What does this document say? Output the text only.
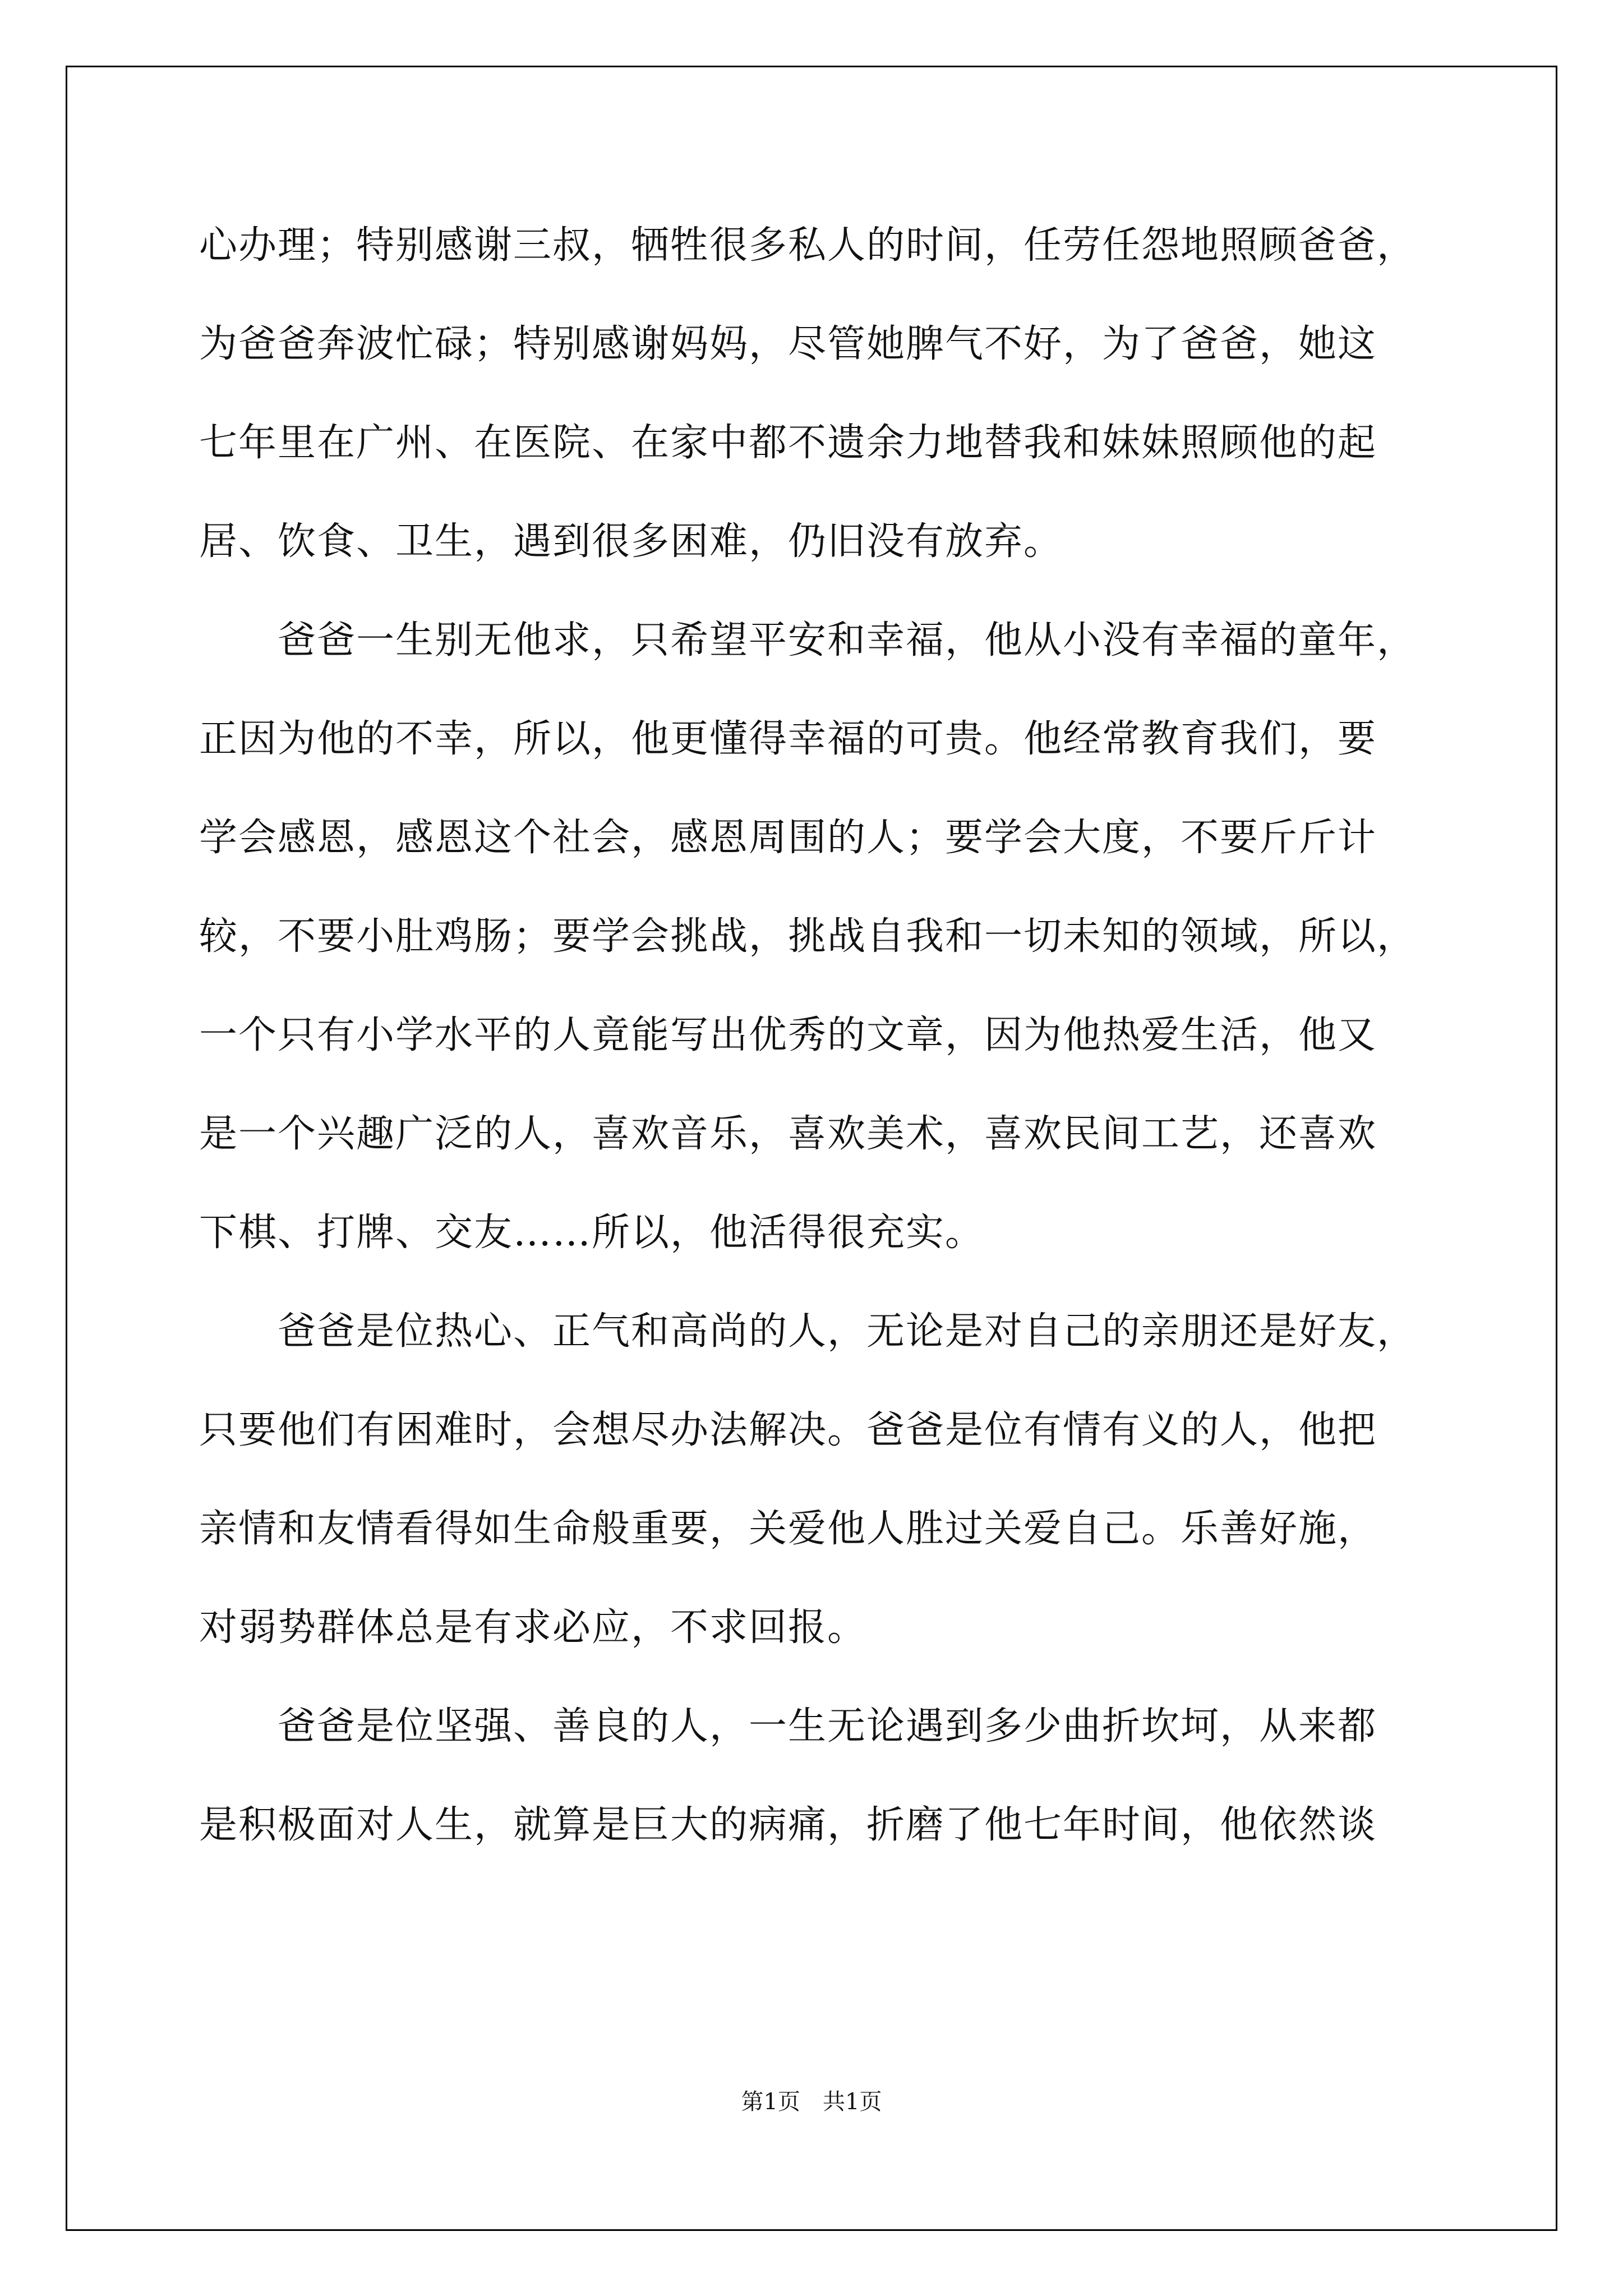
心办理；特别感谢三叔，牺牲很多私人的时间，任劳任怨地照顾爸爸，
为爸爸奔波忙碌；特别感谢妈妈，尽管她脾气不好，为了爸爸，她这
七年里在广州、在医院、在家中都不遗余力地替我和妹妹照顾他的起
居、饮食、卫生，遇到很多困难，仍旧没有放弃。
爸爸一生别无他求，只希望平安和幸福，他从小没有幸福的童年，
正因为他的不幸，所以，他更懂得幸福的可贵。他经常教育我们，要
学会感恩，感恩这个社会，感恩周围的人；要学会大度，不要斤斤计
较，不要小肚鸡肠；要学会挑战，挑战自我和一切未知的领域，所以，
一个只有小学水平的人竟能写出优秀的文章，因为他热爱生活，他又
是一个兴趣广泛的人，喜欢音乐，喜欢美术，喜欢民间工艺，还喜欢
下棋、打牌、交友……所以，他活得很充实。
爸爸是位热心、正气和高尚的人，无论是对自己的亲朋还是好友，
只要他们有困难时，会想尽办法解决。爸爸是位有情有义的人，他把
亲情和友情看得如生命般重要，关爱他人胜过关爱自己。乐善好施，
对弱势群体总是有求必应，不求回报。
爸爸是位坚强、善良的人，一生无论遇到多少曲折坎坷，从来都
是积极面对人生，就算是巨大的病痛，折磨了他七年时间，他依然谈
第1页　共1页
